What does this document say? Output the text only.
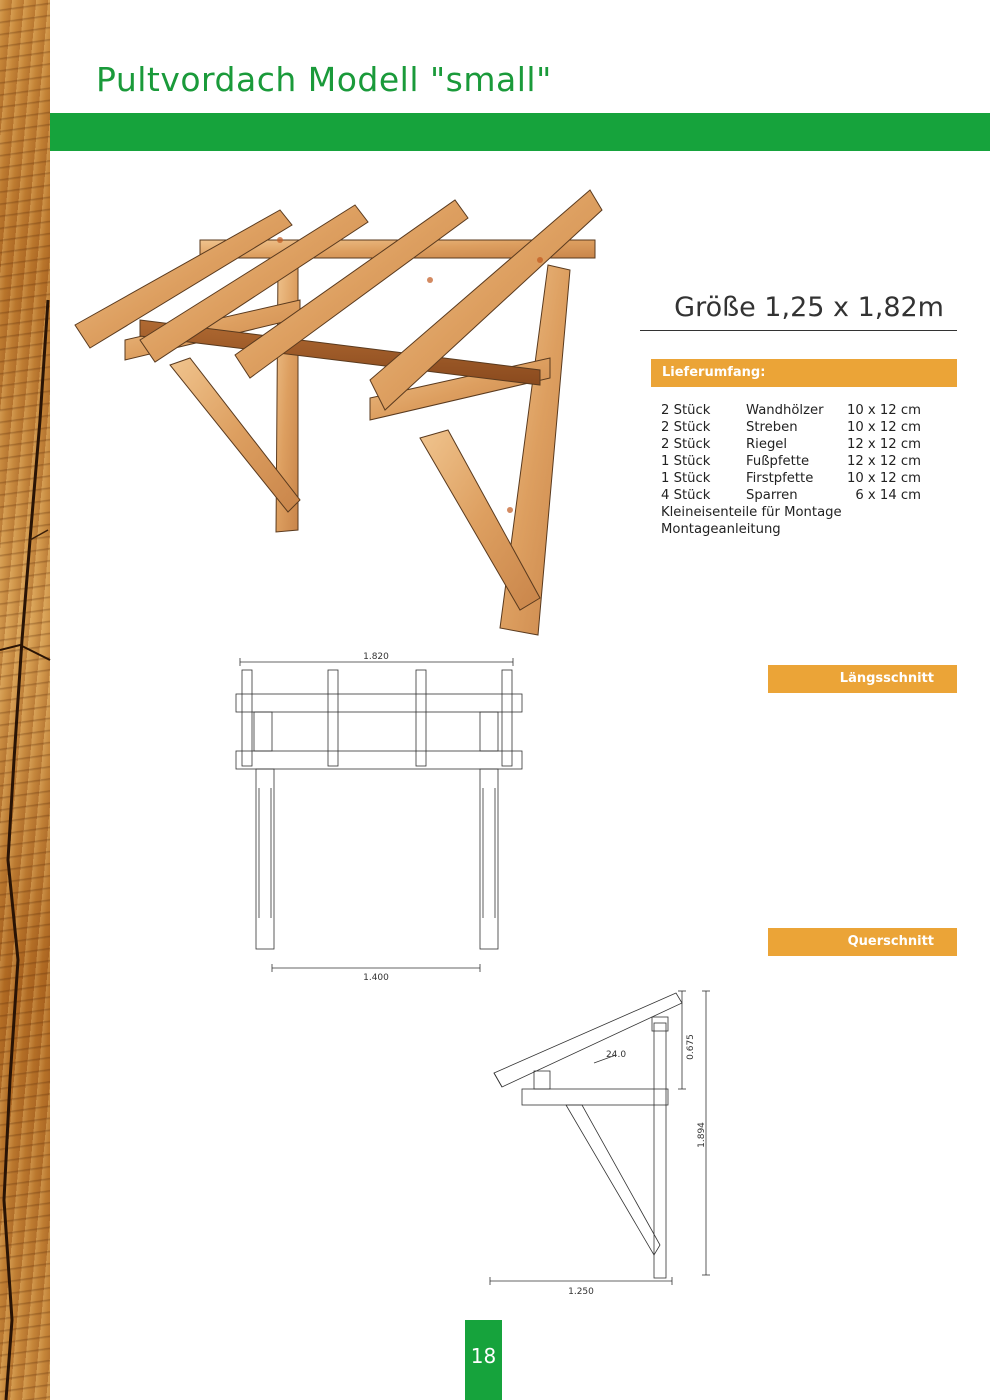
Pultvordach Modell "small"
Größe 1,25 x 1,82m
Lieferumfang:
2 Stück	Wandhölzer 10 x 12 cm
2 Stück	Streben	10 x 12 cm
2 Stück	Riegel	12 x 12 cm
1 Stück	Fußpfette	12 x 12 cm
1 Stück	Firstpfette	10 x 12 cm
4 Stück	Sparren	6 x 14 cm
Kleineisenteile für Montage
Montageanleitung
Längsschnitt
Querschnitt
1.820
1.400
24.0	0.675
1.894
1.250
18
